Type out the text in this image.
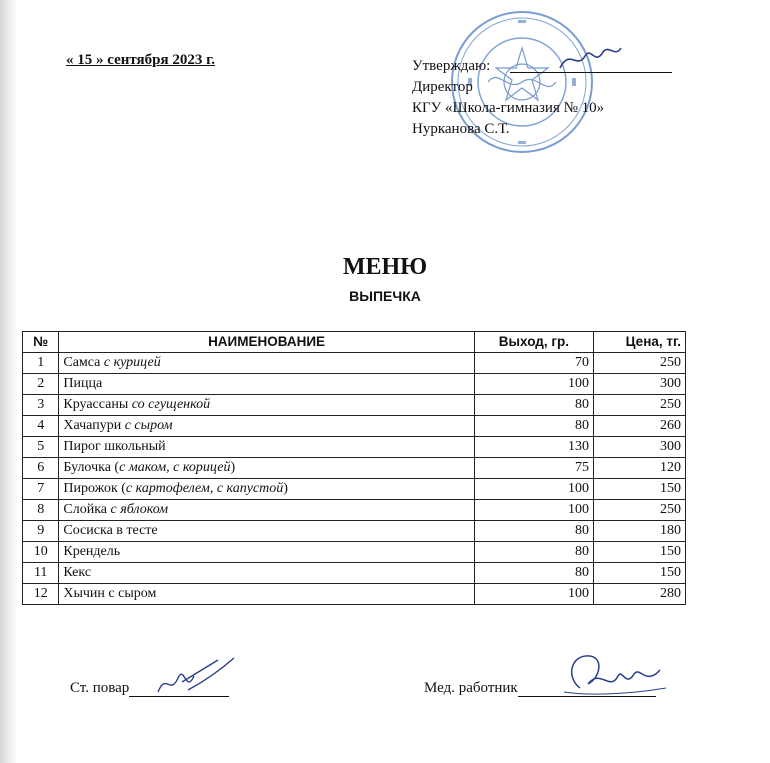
« 15 » сентября 2023 г.	Утверждаю:
Директор
КГУ «Школа-гимназия № 10»
Нурканова С.Т.
МЕНЮ
ВЫПЕЧКА
№	НАИМЕНОВАНИЕ	Выход, гр.	Цена, тг.
1	Самса с курицей	70	250
2	Пицца	100	300
3	Круассаны со сгущенкой	80	250
4	Хачапури с сыром	80	260
5	Пирог школьный	130	300
6	Булочка (с маком, с корицей)	75	120
7	Пирожок (с картофелем, с капустой)	100	150
8	Слойка с яблоком	100	250
9	Сосиска в тесте	80	180
10	Крендель	80	150
11	Кекс	80	150
12	Хычин с сыром	100	280
Ст. повар	Мед. работник
